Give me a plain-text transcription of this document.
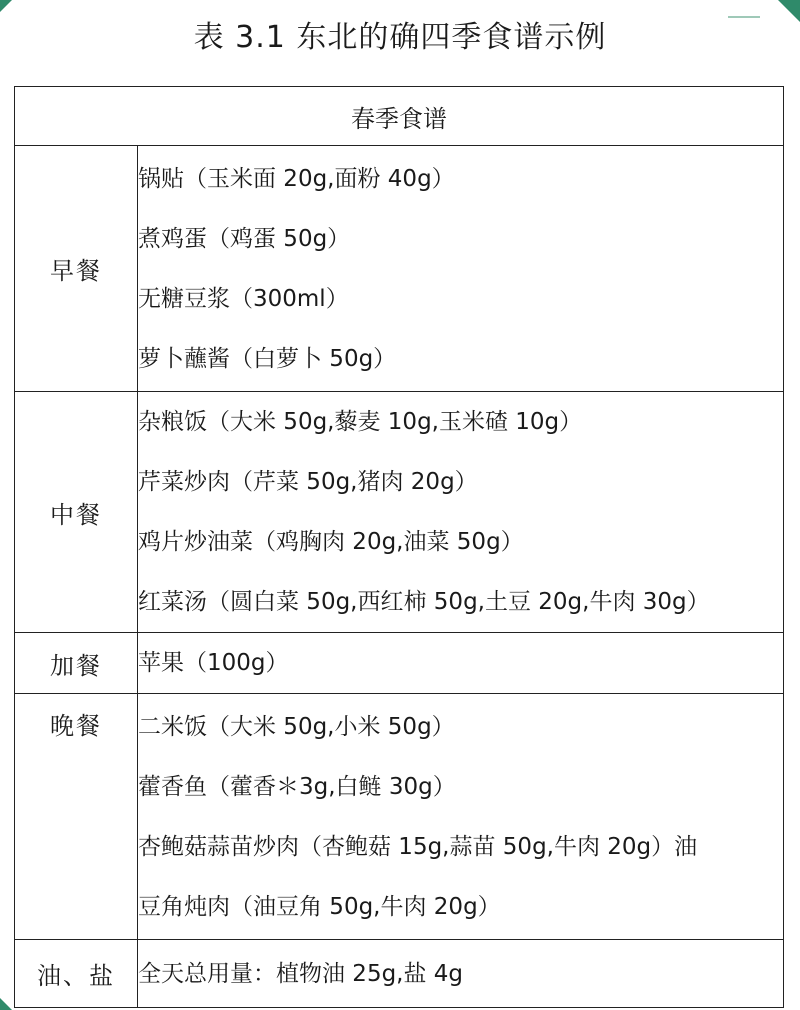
表 3.1 东北的确四季食谱示例
春季食谱	
早餐	锅贴（玉米面 20g,面粉 40g）
煮鸡蛋（鸡蛋 50g）
无糖豆浆（300ml）
萝卜蘸酱（白萝卜 50g）

中餐	杂粮饭（大米 50g,藜麦 10g,玉米碴 10g）
芹菜炒肉（芹菜 50g,猪肉 20g）
鸡片炒油菜（鸡胸肉 20g,油菜 50g）
红菜汤（圆白菜 50g,西红柿 50g,土豆 20g,牛肉 30g）

加餐	苹果（100g）

晚餐	二米饭（大米 50g,小米 50g）
藿香鱼（藿香＊3g,白鲢 30g）
杏鲍菇蒜苗炒肉（杏鲍菇 15g,蒜苗 50g,牛肉 20g）油
豆角炖肉（油豆角 50g,牛肉 20g）

油、盐	全天总用量：植物油 25g,盐 4g
